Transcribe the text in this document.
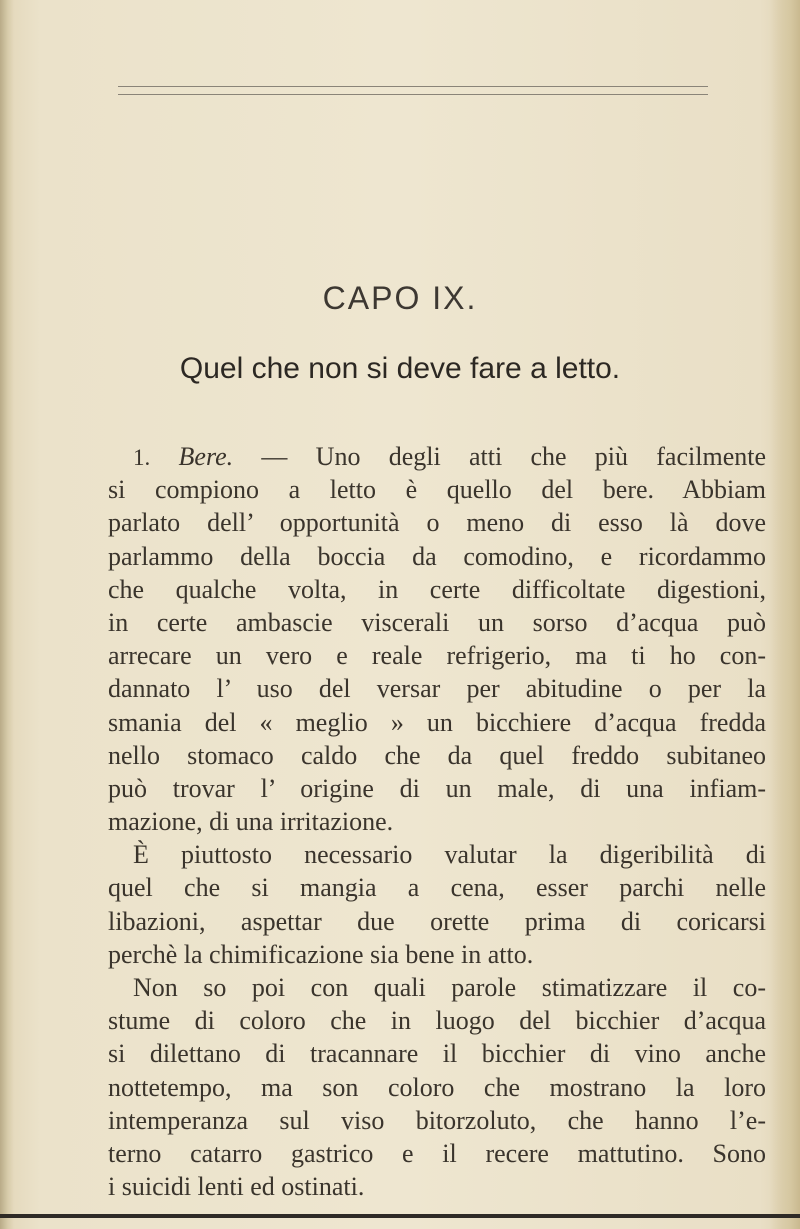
CAPO IX.
Quel che non si deve fare a letto.
1. Bere. — Uno degli atti che più facilmente
si compiono a letto è quello del bere. Abbiam
parlato dell’ opportunità o meno di esso là dove
parlammo della boccia da comodino, e ricordammo
che qualche volta, in certe difficoltate digestioni,
in certe ambascie viscerali un sorso d’acqua può
arrecare un vero e reale refrigerio, ma ti ho con-
dannato l’ uso del versar per abitudine o per la
smania del « meglio » un bicchiere d’acqua fredda
nello stomaco caldo che da quel freddo subitaneo
può trovar l’ origine di un male, di una infiam-
mazione, di una irritazione.
È piuttosto necessario valutar la digeribilità di
quel che si mangia a cena, esser parchi nelle
libazioni, aspettar due orette prima di coricarsi
perchè la chimificazione sia bene in atto.
Non so poi con quali parole stimatizzare il co-
stume di coloro che in luogo del bicchier d’acqua
si dilettano di tracannare il bicchier di vino anche
nottetempo, ma son coloro che mostrano la loro
intemperanza sul viso bitorzoluto, che hanno l’e-
terno catarro gastrico e il recere mattutino. Sono
i suicidi lenti ed ostinati.
